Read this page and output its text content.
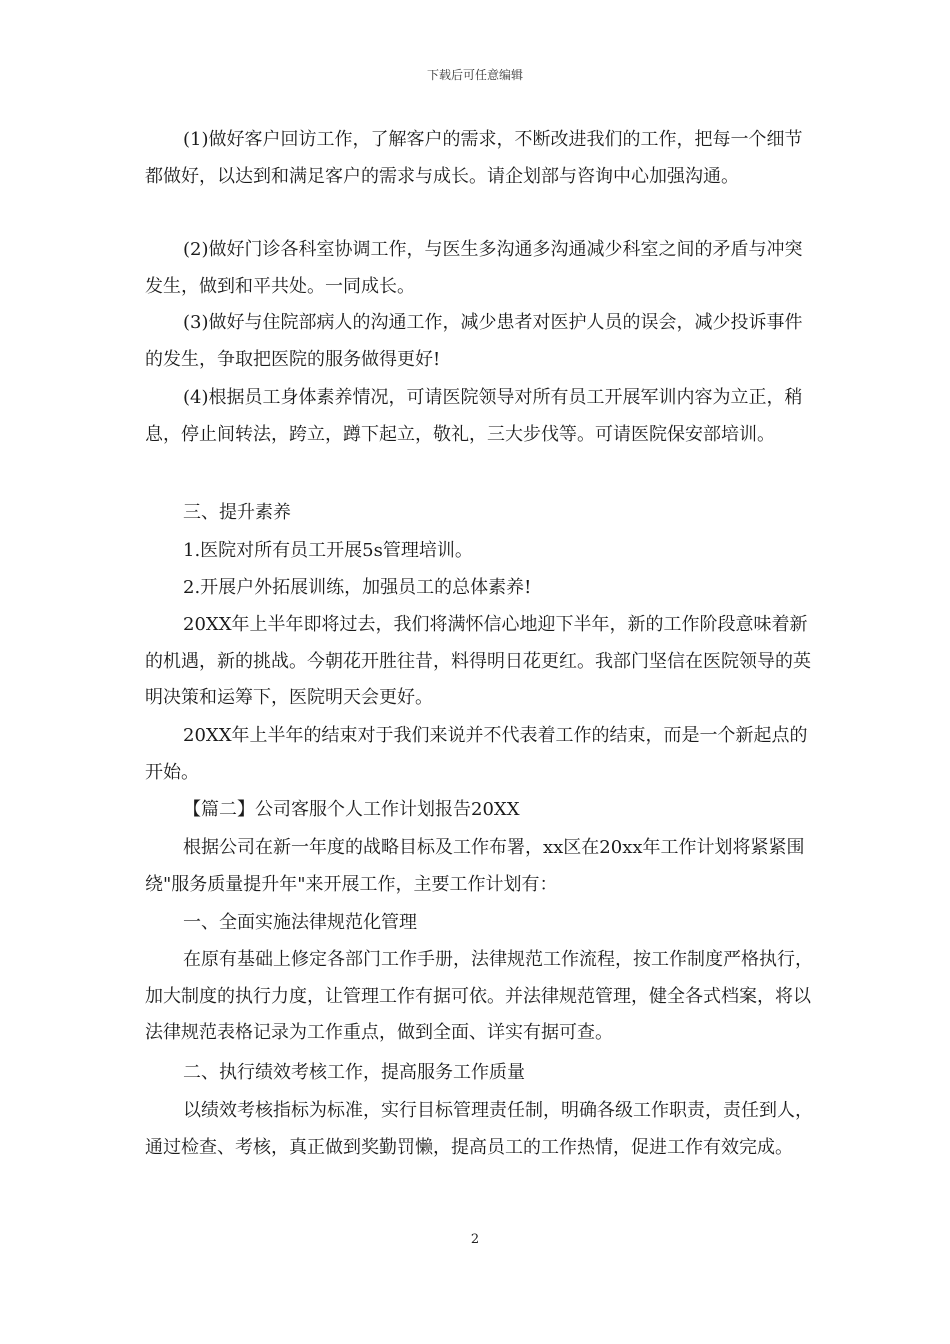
下载后可任意编辑

(1)做好客户回访工作，了解客户的需求，不断改进我们的工作，把每一个细节都做好，以达到和满足客户的需求与成长。请企划部与咨询中心加强沟通。

(2)做好门诊各科室协调工作，与医生多沟通多沟通减少科室之间的矛盾与冲突发生，做到和平共处。一同成长。

(3)做好与住院部病人的沟通工作，减少患者对医护人员的误会，减少投诉事件的发生，争取把医院的服务做得更好!

(4)根据员工身体素养情况，可请医院领导对所有员工开展军训内容为立正，稍息，停止间转法，跨立，蹲下起立，敬礼，三大步伐等。可请医院保安部培训。

三、提升素养

1.医院对所有员工开展5s管理培训。

2.开展户外拓展训练，加强员工的总体素养!

20XX年上半年即将过去，我们将满怀信心地迎下半年，新的工作阶段意味着新的机遇，新的挑战。今朝花开胜往昔，料得明日花更红。我部门坚信在医院领导的英明决策和运筹下，医院明天会更好。

20XX年上半年的结束对于我们来说并不代表着工作的结束，而是一个新起点的开始。

【篇二】公司客服个人工作计划报告20XX

根据公司在新一年度的战略目标及工作布署，xx区在20xx年工作计划将紧紧围绕"服务质量提升年"来开展工作，主要工作计划有：

一、全面实施法律规范化管理

在原有基础上修定各部门工作手册，法律规范工作流程，按工作制度严格执行，加大制度的执行力度，让管理工作有据可依。并法律规范管理，健全各式档案，将以法律规范表格记录为工作重点，做到全面、详实有据可查。

二、执行绩效考核工作，提高服务工作质量

以绩效考核指标为标准，实行目标管理责任制，明确各级工作职责，责任到人，通过检查、考核，真正做到奖勤罚懒，提高员工的工作热情，促进工作有效完成。

2
